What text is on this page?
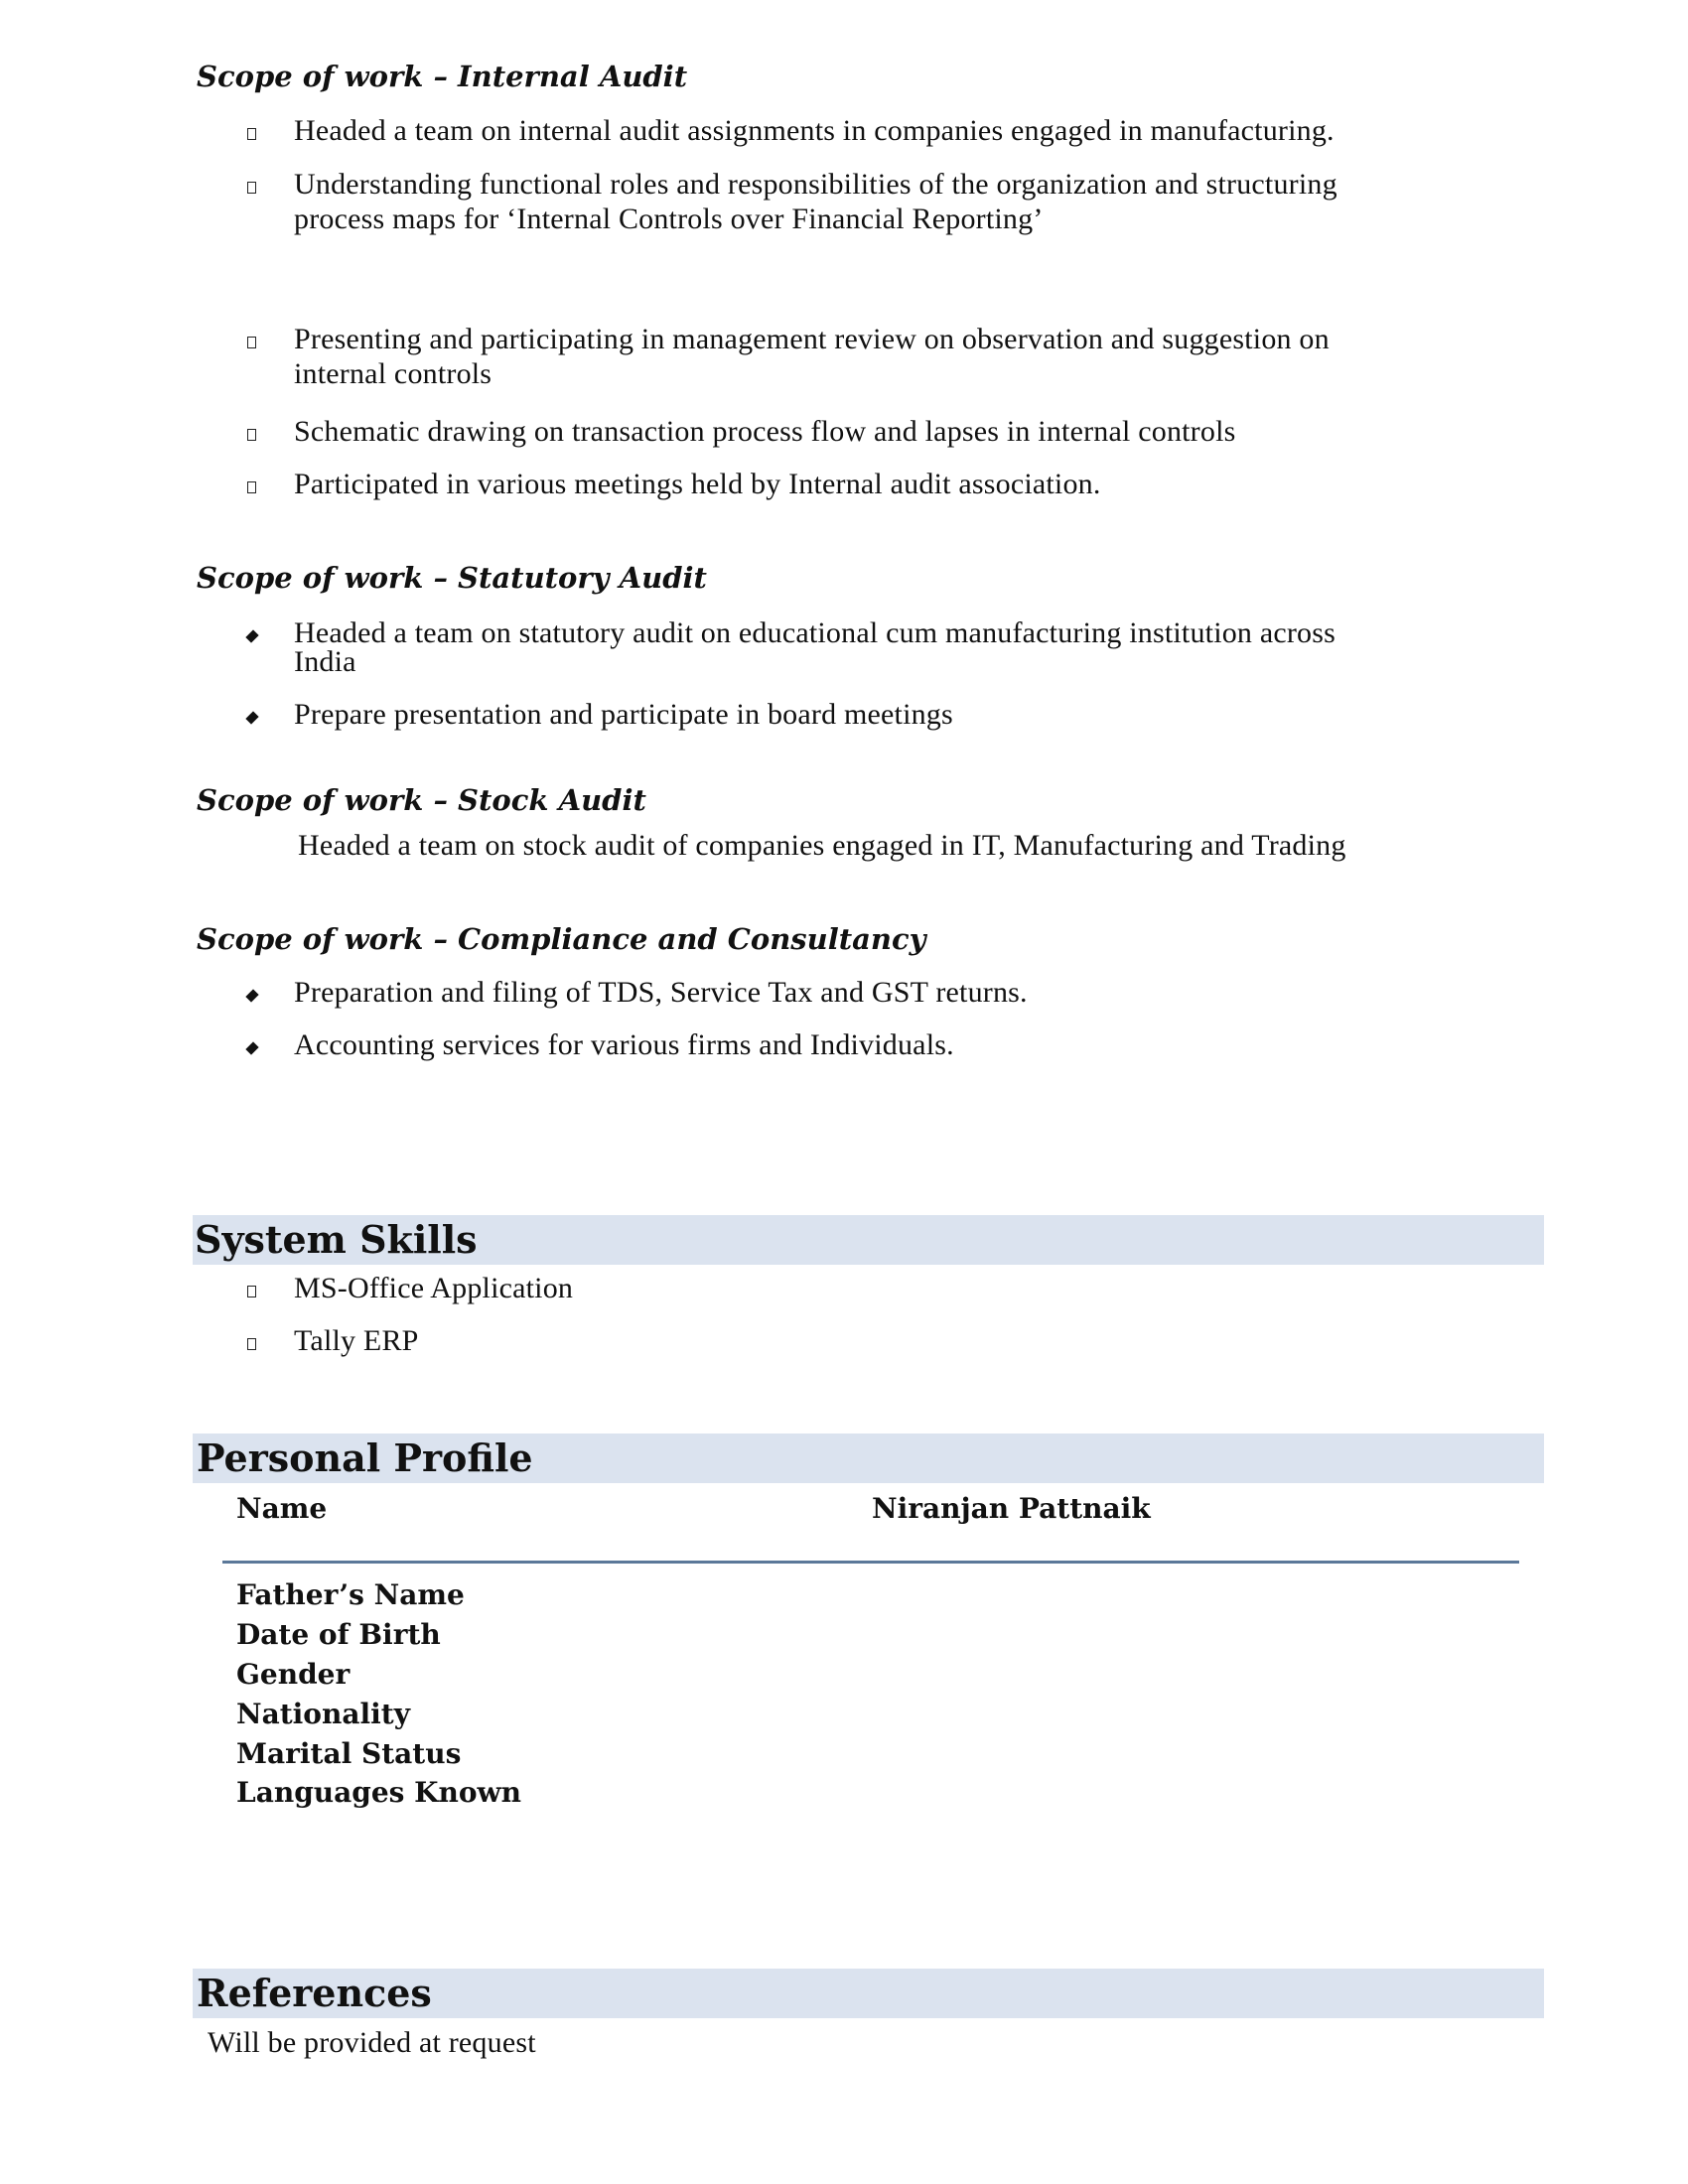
Scope of work – Internal Audit
Headed a team on internal audit assignments in companies engaged in manufacturing.
Understanding functional roles and responsibilities of the organization and structuring
process maps for ‘Internal Controls over Financial Reporting’
Presenting and participating in management review on observation and suggestion on
internal controls
Schematic drawing on transaction process flow and lapses in internal controls
Participated in various meetings held by Internal audit association.
Scope of work – Statutory Audit
Headed a team on statutory audit on educational cum manufacturing institution across
India
Prepare presentation and participate in board meetings
Scope of work – Stock Audit
Headed a team on stock audit of companies engaged in IT, Manufacturing and Trading
Scope of work – Compliance and Consultancy
Preparation and filing of TDS, Service Tax and GST returns.
Accounting services for various firms and Individuals.
System Skills
MS-Office Application
Tally ERP
Personal Profile
Name	Niranjan Pattnaik
Father’s Name
Date of Birth
Gender
Nationality
Marital Status
Languages Known
References
Will be provided at request
